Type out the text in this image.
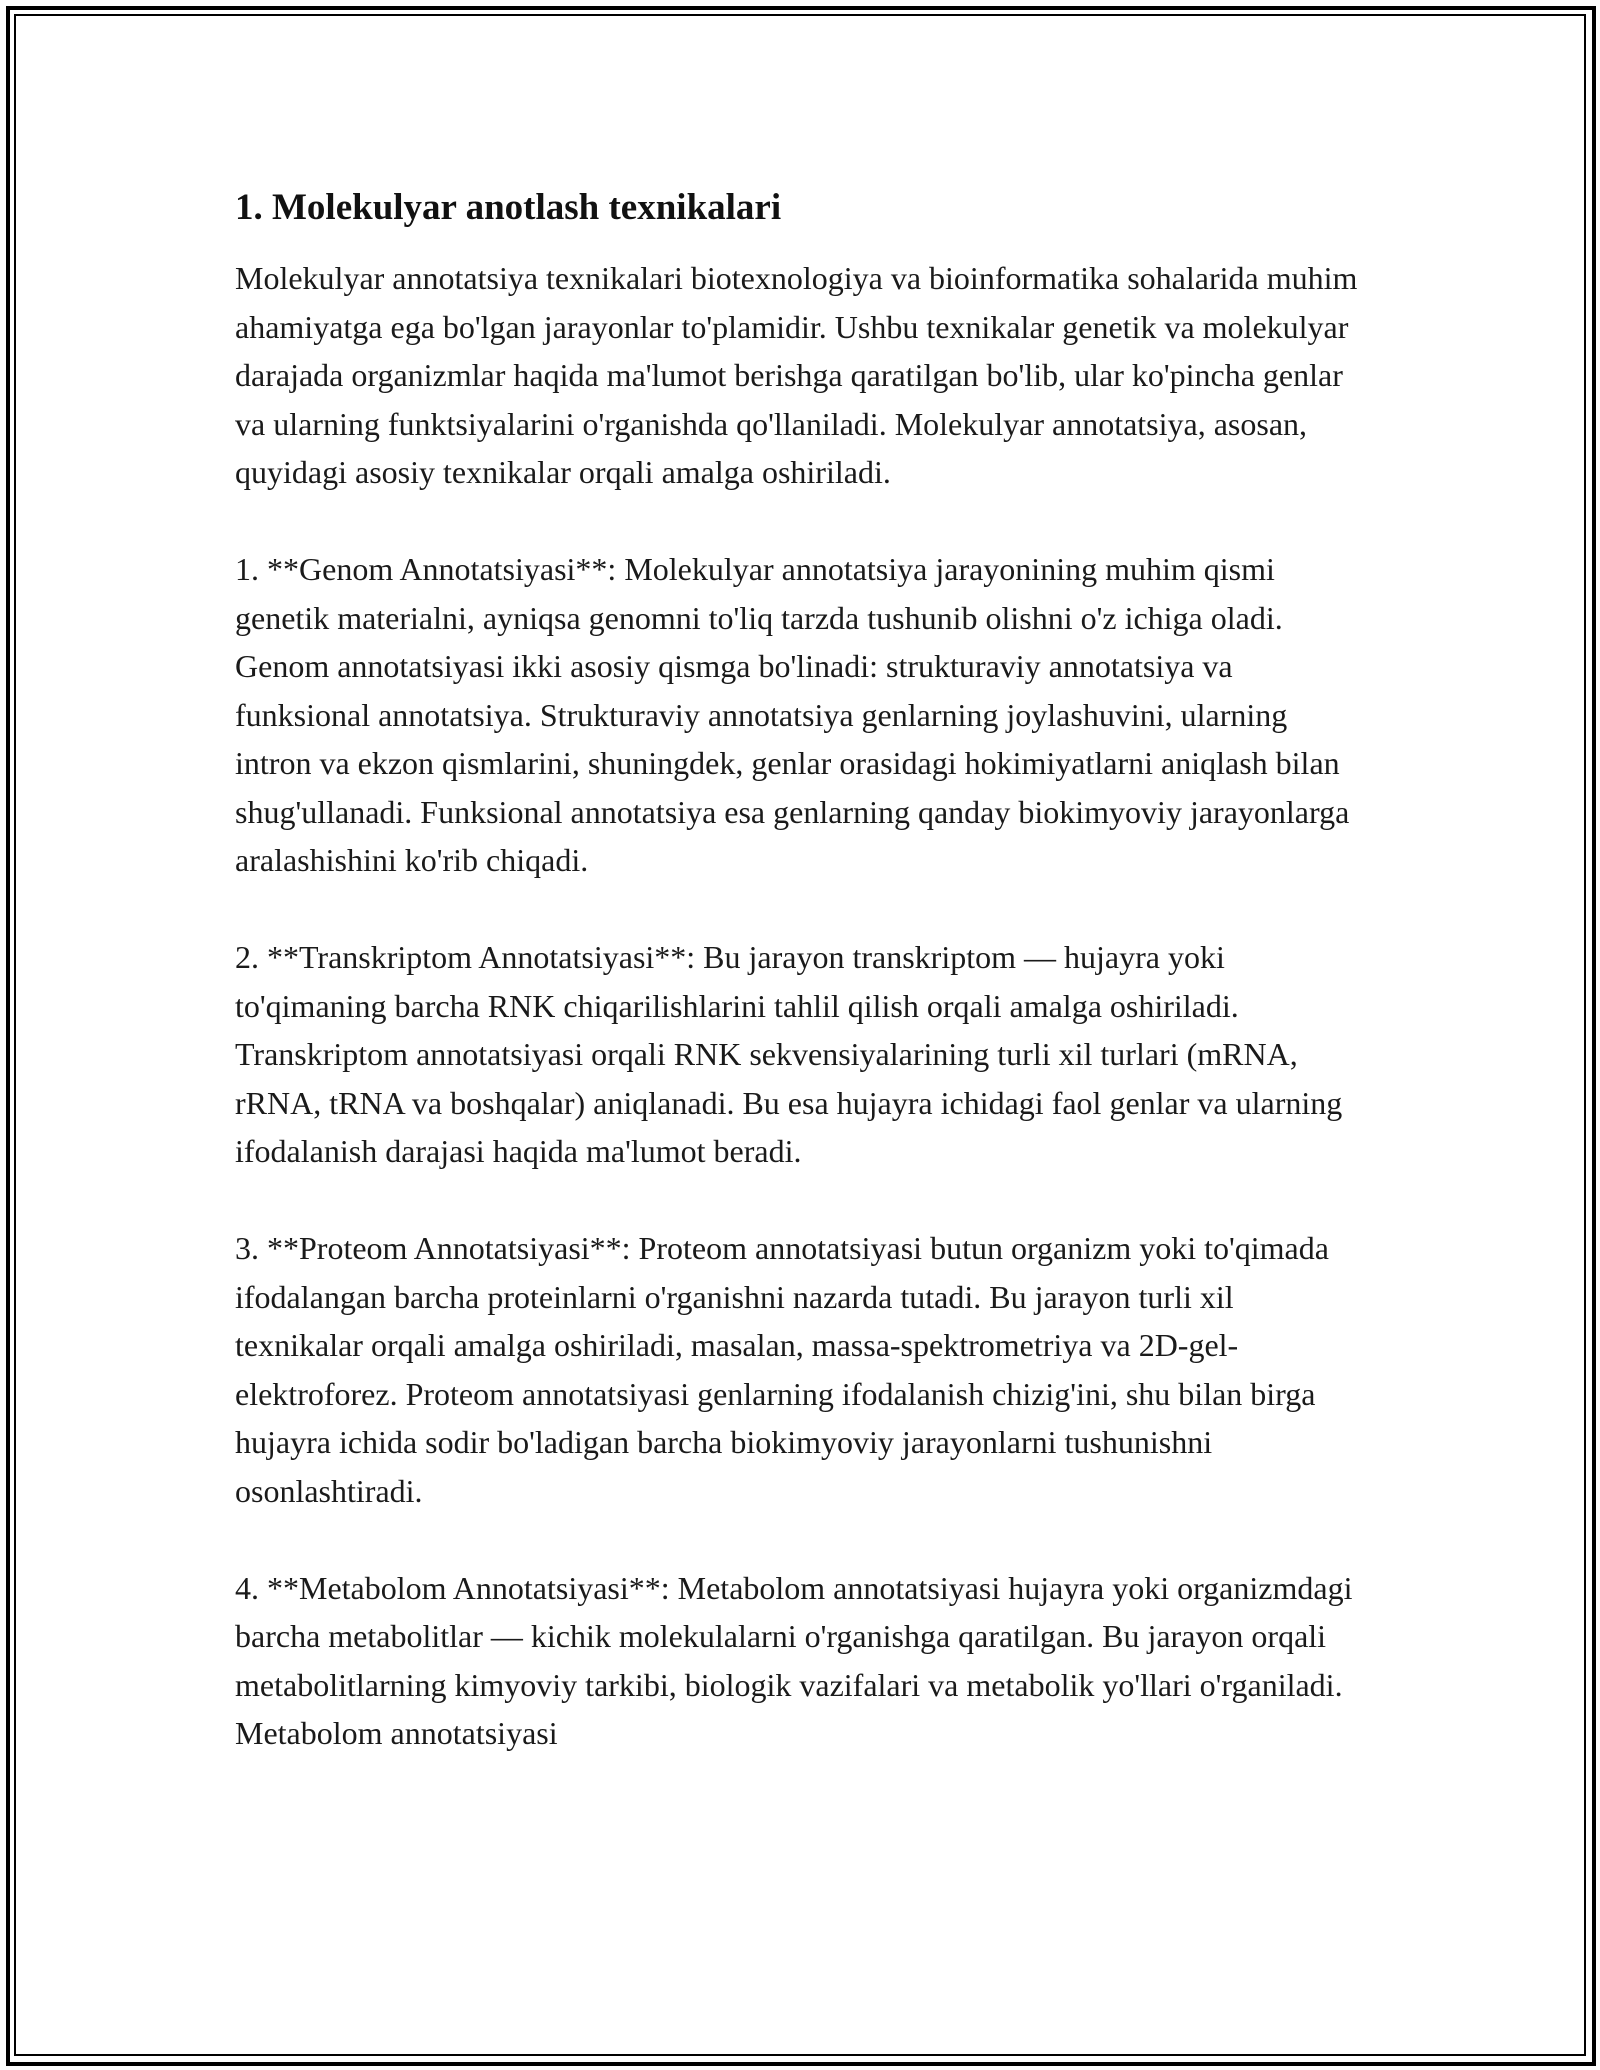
1. Molekulyar anotlash texnikalari

Molekulyar annotatsiya texnikalari biotexnologiya va bioinformatika sohalarida muhim ahamiyatga ega bo'lgan jarayonlar to'plamidir. Ushbu texnikalar genetik va molekulyar darajada organizmlar haqida ma'lumot berishga qaratilgan bo'lib, ular ko'pincha genlar va ularning funktsiyalarini o'rganishda qo'llaniladi. Molekulyar annotatsiya, asosan, quyidagi asosiy texnikalar orqali amalga oshiriladi.

1. **Genom Annotatsiyasi**: Molekulyar annotatsiya jarayonining muhim qismi genetik materialni, ayniqsa genomni to'liq tarzda tushunib olishni o'z ichiga oladi. Genom annotatsiyasi ikki asosiy qismga bo'linadi: strukturaviy annotatsiya va funksional annotatsiya. Strukturaviy annotatsiya genlarning joylashuvini, ularning intron va ekzon qismlarini, shuningdek, genlar orasidagi hokimiyatlarni aniqlash bilan shug'ullanadi. Funksional annotatsiya esa genlarning qanday biokimyoviy jarayonlarga aralashishini ko'rib chiqadi.

2. **Transkriptom Annotatsiyasi**: Bu jarayon transkriptom — hujayra yoki to'qimaning barcha RNK chiqarilishlarini tahlil qilish orqali amalga oshiriladi. Transkriptom annotatsiyasi orqali RNK sekvensiyalarining turli xil turlari (mRNA, rRNA, tRNA va boshqalar) aniqlanadi. Bu esa hujayra ichidagi faol genlar va ularning ifodalanish darajasi haqida ma'lumot beradi.

3. **Proteom Annotatsiyasi**: Proteom annotatsiyasi butun organizm yoki to'qimada ifodalangan barcha proteinlarni o'rganishni nazarda tutadi. Bu jarayon turli xil texnikalar orqali amalga oshiriladi, masalan, massa-spektrometriya va 2D-gel-elektroforez. Proteom annotatsiyasi genlarning ifodalanish chizig'ini, shu bilan birga hujayra ichida sodir bo'ladigan barcha biokimyoviy jarayonlarni tushunishni osonlashtiradi.

4. **Metabolom Annotatsiyasi**: Metabolom annotatsiyasi hujayra yoki organizmdagi barcha metabolitlar — kichik molekulalarni o'rganishga qaratilgan. Bu jarayon orqali metabolitlarning kimyoviy tarkibi, biologik vazifalari va metabolik yo'llari o'rganiladi. Metabolom annotatsiyasi
